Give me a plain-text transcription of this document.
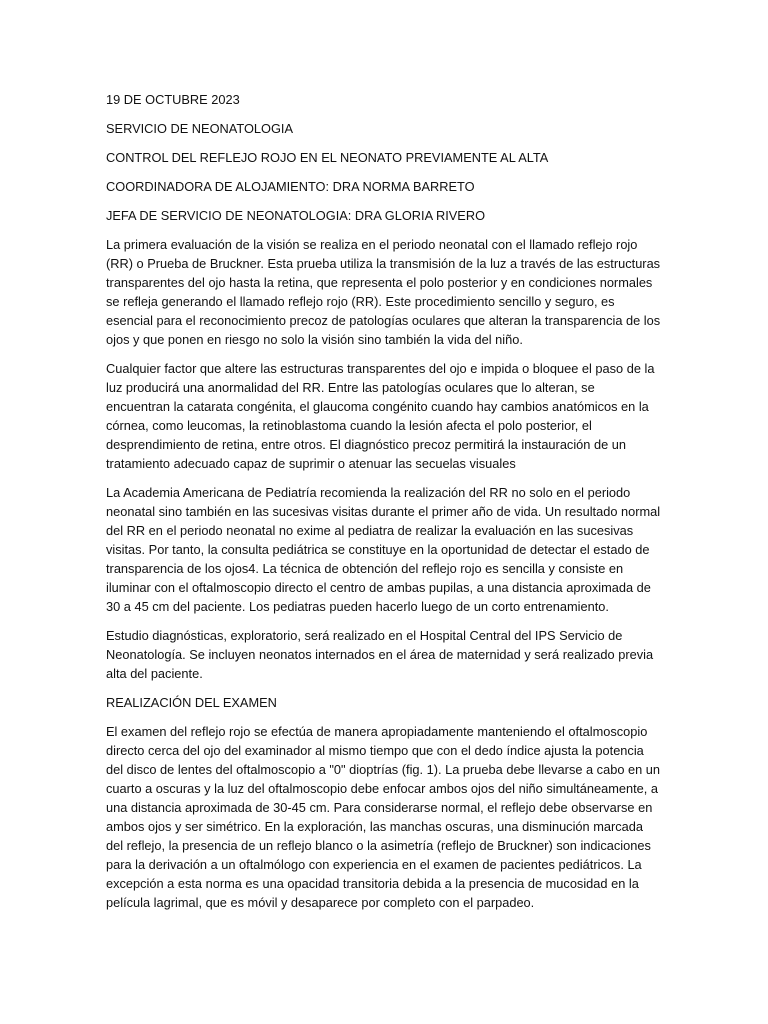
19 DE OCTUBRE 2023
SERVICIO DE NEONATOLOGIA
CONTROL DEL REFLEJO ROJO EN EL NEONATO PREVIAMENTE AL ALTA
COORDINADORA DE ALOJAMIENTO: DRA NORMA BARRETO
JEFA DE SERVICIO DE NEONATOLOGIA: DRA GLORIA RIVERO

La primera evaluación de la visión se realiza en el periodo neonatal con el llamado reflejo rojo (RR) o Prueba de Bruckner. Esta prueba utiliza la transmisión de la luz a través de las estructuras transparentes del ojo hasta la retina, que representa el polo posterior y en condiciones normales se refleja generando el llamado reflejo rojo (RR). Este procedimiento sencillo y seguro, es esencial para el reconocimiento precoz de patologías oculares que alteran la transparencia de los ojos y que ponen en riesgo no solo la visión sino también la vida del niño.

Cualquier factor que altere las estructuras transparentes del ojo e impida o bloquee el paso de la luz producirá una anormalidad del RR. Entre las patologías oculares que lo alteran, se encuentran la catarata congénita, el glaucoma congénito cuando hay cambios anatómicos en la córnea, como leucomas, la retinoblastoma cuando la lesión afecta el polo posterior, el desprendimiento de retina, entre otros. El diagnóstico precoz permitirá la instauración de un tratamiento adecuado capaz de suprimir o atenuar las secuelas visuales

La Academia Americana de Pediatría recomienda la realización del RR no solo en el periodo neonatal sino también en las sucesivas visitas durante el primer año de vida. Un resultado normal del RR en el periodo neonatal no exime al pediatra de realizar la evaluación en las sucesivas visitas. Por tanto, la consulta pediátrica se constituye en la oportunidad de detectar el estado de transparencia de los ojos4. La técnica de obtención del reflejo rojo es sencilla y consiste en iluminar con el oftalmoscopio directo el centro de ambas pupilas, a una distancia aproximada de 30 a 45 cm del paciente. Los pediatras pueden hacerlo luego de un corto entrenamiento.

Estudio diagnósticas, exploratorio, será realizado en el Hospital Central del IPS Servicio de Neonatología. Se incluyen neonatos internados en el área de maternidad y será realizado previa alta del paciente.

REALIZACIÓN DEL EXAMEN

El examen del reflejo rojo se efectúa de manera apropiadamente manteniendo el oftalmoscopio directo cerca del ojo del examinador al mismo tiempo que con el dedo índice ajusta la potencia del disco de lentes del oftalmoscopio a "0" dioptrías (fig. 1). La prueba debe llevarse a cabo en un cuarto a oscuras y la luz del oftalmoscopio debe enfocar ambos ojos del niño simultáneamente, a una distancia aproximada de 30-45 cm. Para considerarse normal, el reflejo debe observarse en ambos ojos y ser simétrico. En la exploración, las manchas oscuras, una disminución marcada del reflejo, la presencia de un reflejo blanco o la asimetría (reflejo de Bruckner) son indicaciones para la derivación a un oftalmólogo con experiencia en el examen de pacientes pediátricos. La excepción a esta norma es una opacidad transitoria debida a la presencia de mucosidad en la película lagrimal, que es móvil y desaparece por completo con el parpadeo.
